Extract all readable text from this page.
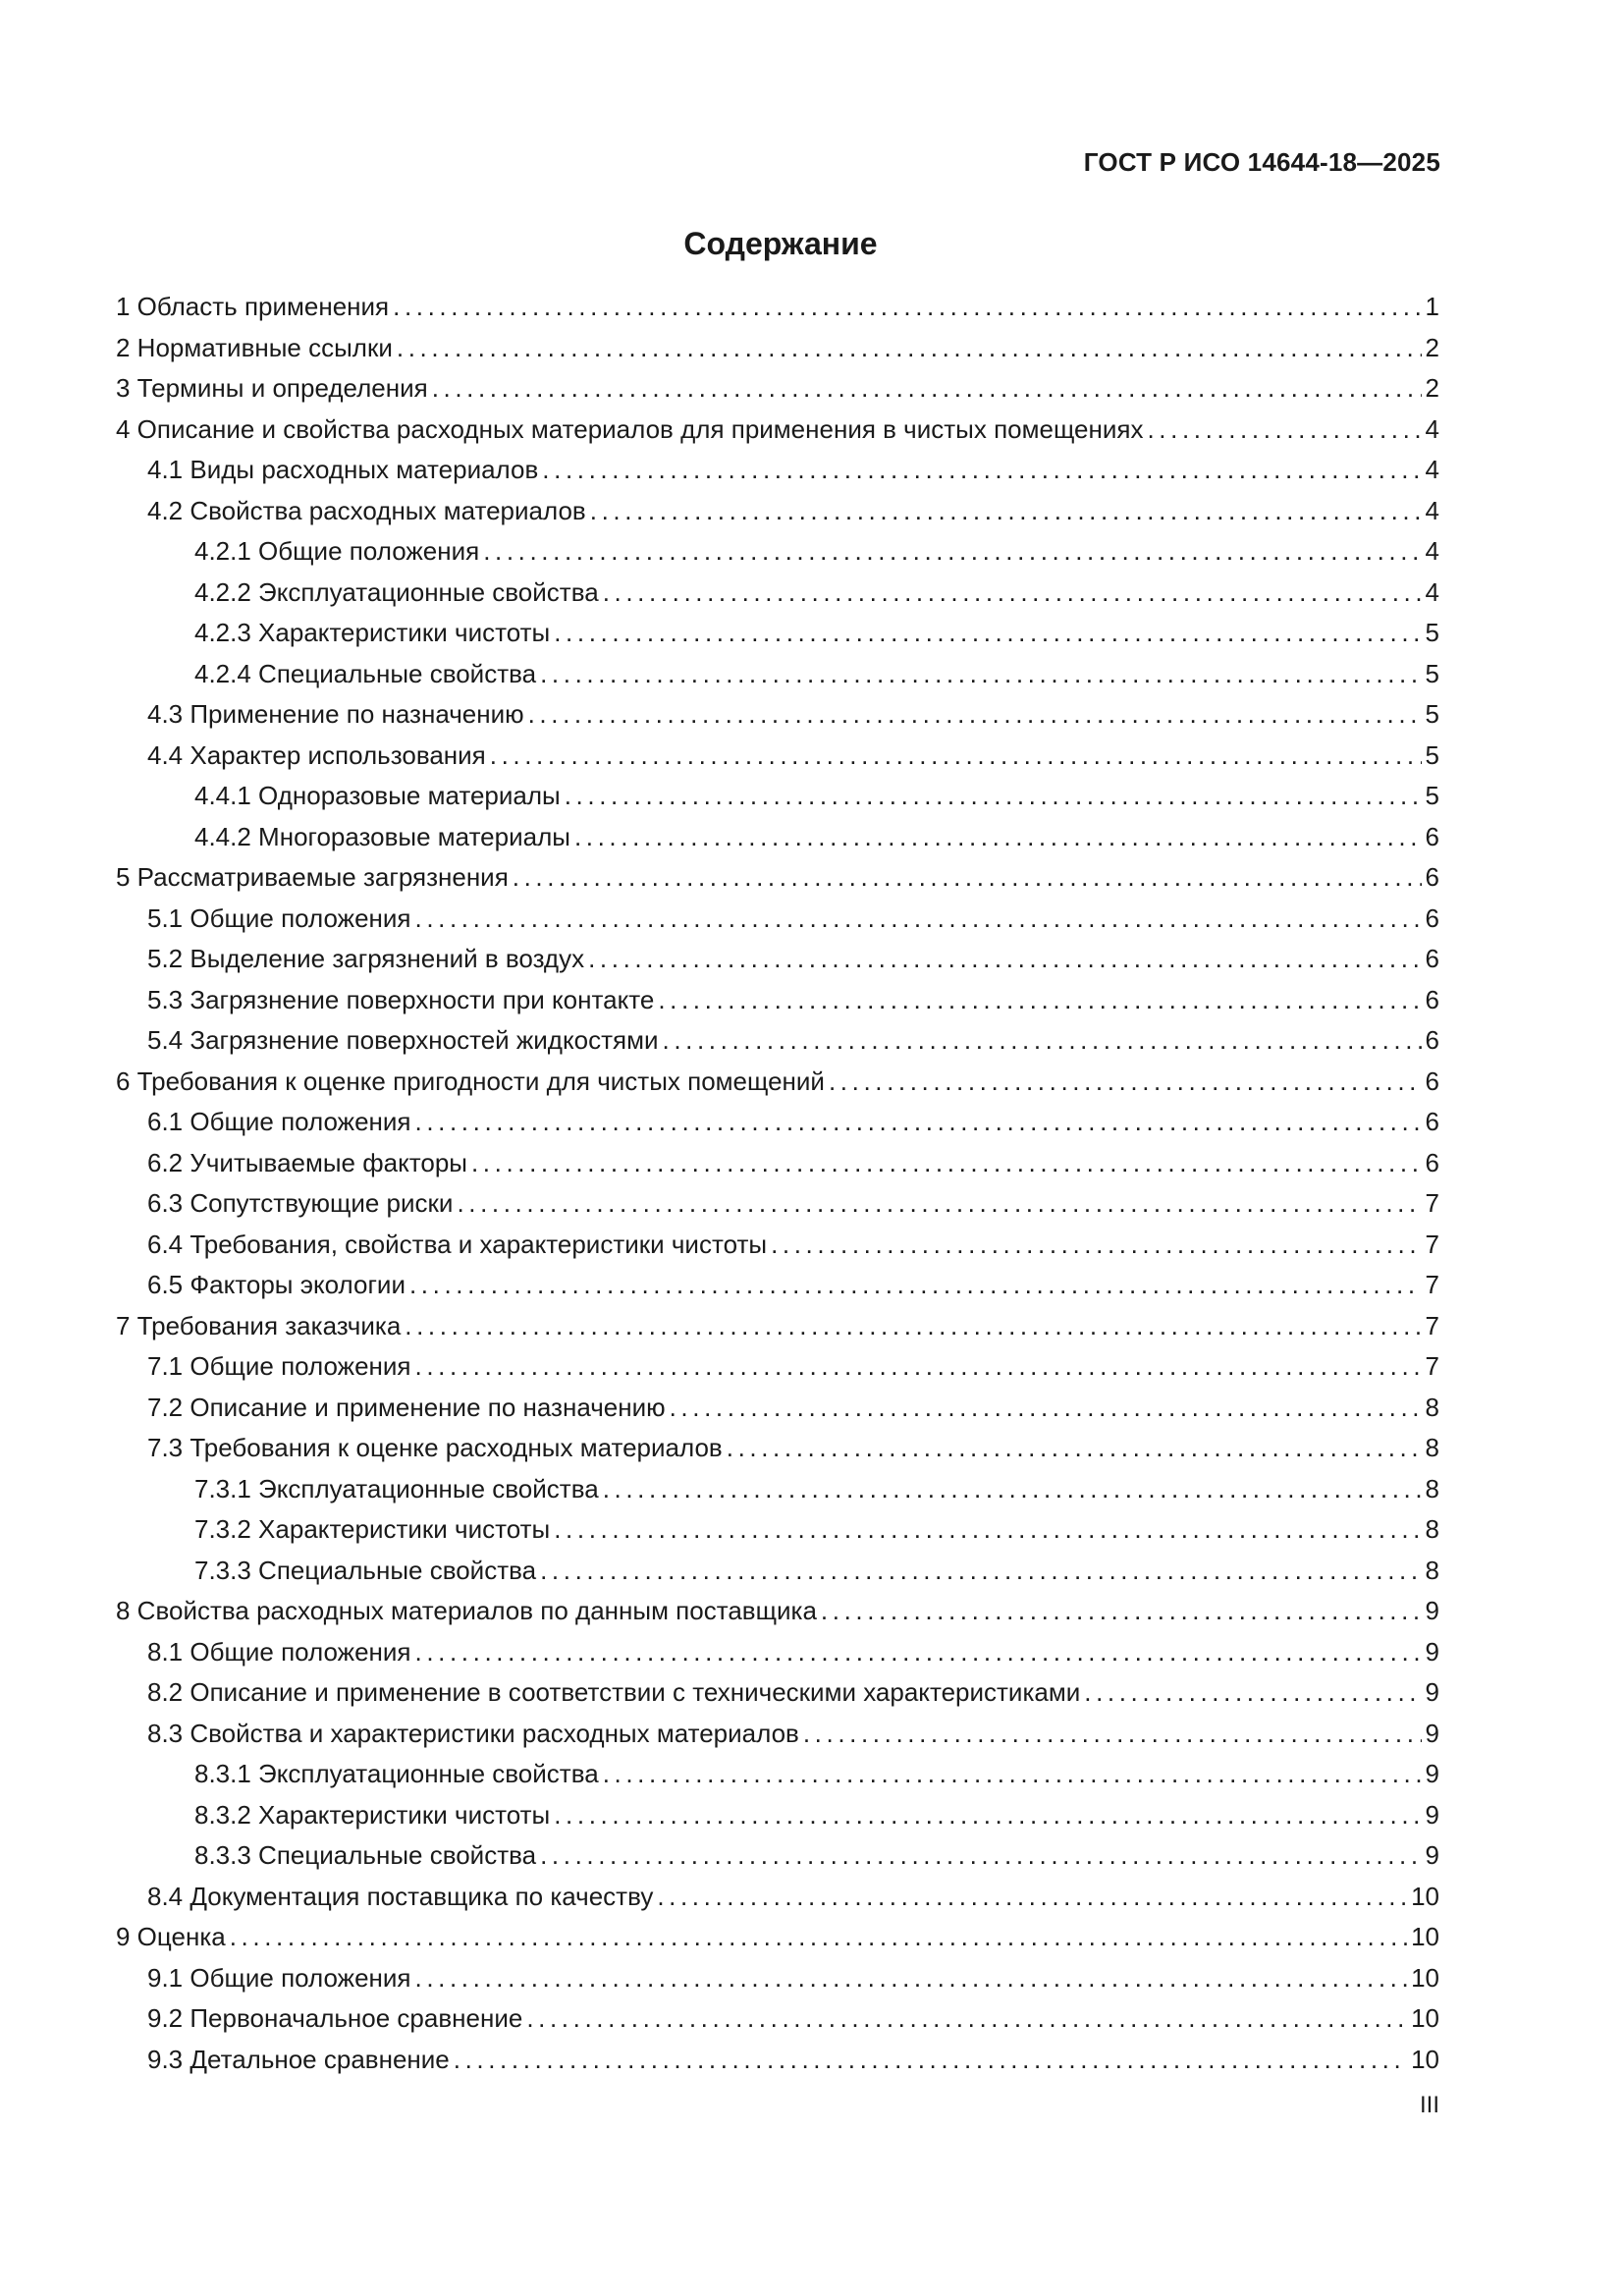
ГОСТ Р ИСО 14644-18—2025
Содержание
1 Область применения .....	1
2 Нормативные ссылки .....	2
3 Термины и определения .....	2
4 Описание и свойства расходных материалов для применения в чистых помещениях .....	4
4.1 Виды расходных материалов .....	4
4.2 Свойства расходных материалов .....	4
4.2.1 Общие положения .....	4
4.2.2 Эксплуатационные свойства .....	4
4.2.3 Характеристики чистоты .....	5
4.2.4 Специальные свойства .....	5
4.3 Применение по назначению .....	5
4.4 Характер использования .....	5
4.4.1 Одноразовые материалы .....	5
4.4.2 Многоразовые материалы .....	6
5 Рассматриваемые загрязнения .....	6
5.1 Общие положения .....	6
5.2 Выделение загрязнений в воздух .....	6
5.3 Загрязнение поверхности при контакте .....	6
5.4 Загрязнение поверхностей жидкостями .....	6
6 Требования к оценке пригодности для чистых помещений .....	6
6.1 Общие положения .....	6
6.2 Учитываемые факторы .....	6
6.3 Сопутствующие риски .....	7
6.4 Требования, свойства и характеристики чистоты .....	7
6.5 Факторы экологии .....	7
7 Требования заказчика .....	7
7.1 Общие положения .....	7
7.2 Описание и применение по назначению .....	8
7.3 Требования к оценке расходных материалов .....	8
7.3.1 Эксплуатационные свойства .....	8
7.3.2 Характеристики чистоты .....	8
7.3.3 Специальные свойства .....	8
8 Свойства расходных материалов по данным поставщика .....	9
8.1 Общие положения .....	9
8.2 Описание и применение в соответствии с техническими характеристиками .....	9
8.3 Свойства и характеристики расходных материалов .....	9
8.3.1 Эксплуатационные свойства .....	9
8.3.2 Характеристики чистоты .....	9
8.3.3 Специальные свойства .....	9
8.4 Документация поставщика по качеству .....	10
9 Оценка .....	10
9.1 Общие положения .....	10
9.2 Первоначальное сравнение .....	10
9.3 Детальное сравнение .....	10
III
